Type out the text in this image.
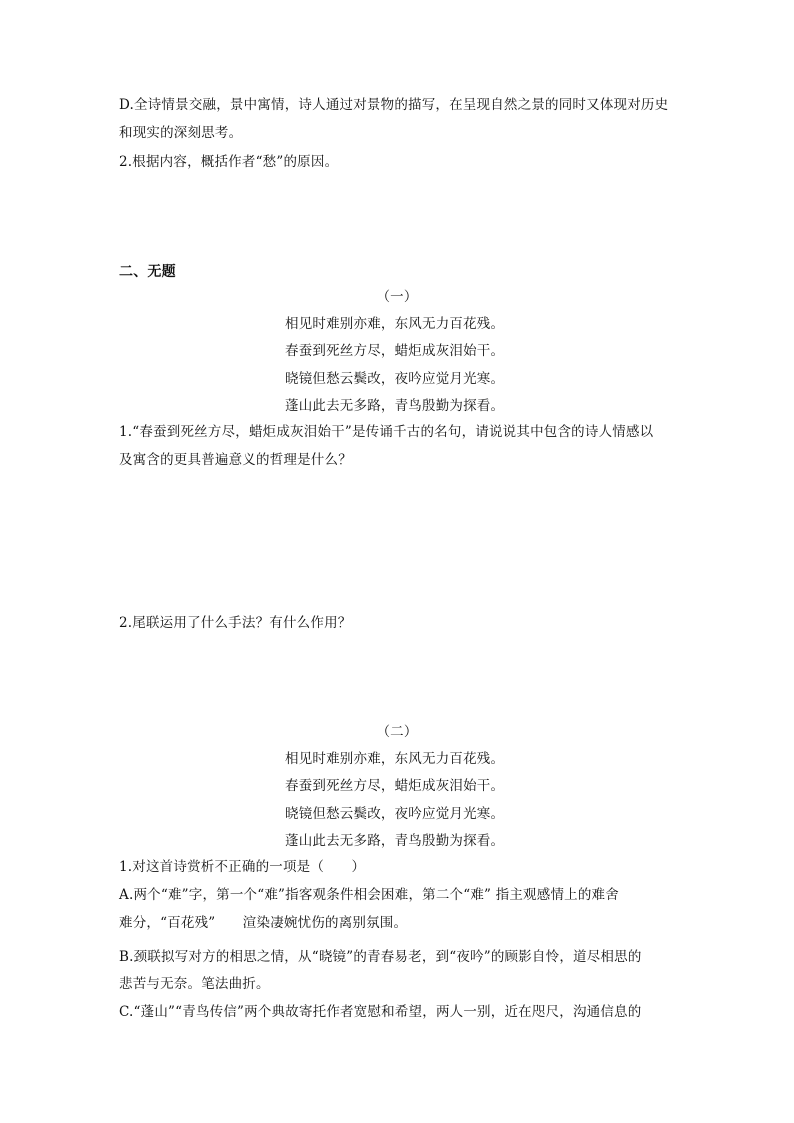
D.全诗情景交融，景中寓情，诗人通过对景物的描写，在呈现自然之景的同时又体现对历史
和现实的深刻思考。
2.根据内容，概括作者“愁”的原因。
二、无题
（一）
相见时难别亦难，东风无力百花残。
春蚕到死丝方尽，蜡炬成灰泪始干。
晓镜但愁云鬓改，夜吟应觉月光寒。
蓬山此去无多路，青鸟殷勤为探看。
1.“春蚕到死丝方尽，蜡炬成灰泪始干”是传诵千古的名句，请说说其中包含的诗人情感以
及寓含的更具普遍意义的哲理是什么？
2.尾联运用了什么手法？有什么作用？
（二）
相见时难别亦难，东风无力百花残。
春蚕到死丝方尽，蜡炬成灰泪始干。
晓镜但愁云鬓改，夜吟应觉月光寒。
蓬山此去无多路，青鸟殷勤为探看。
1.对这首诗赏析不正确的一项是（　　）
A.两个“难”字，第一个“难”指客观条件相会困难，第二个“难” 指主观感情上的难舍
难分，“百花残”　　渲染凄婉忧伤的离别氛围。
B.颈联拟写对方的相思之情，从“晓镜”的青春易老，到“夜吟”的顾影自怜，道尽相思的
悲苦与无奈。笔法曲折。
C.“蓬山”“青鸟传信”两个典故寄托作者宽慰和希望，两人一别，近在咫尺，沟通信息的
